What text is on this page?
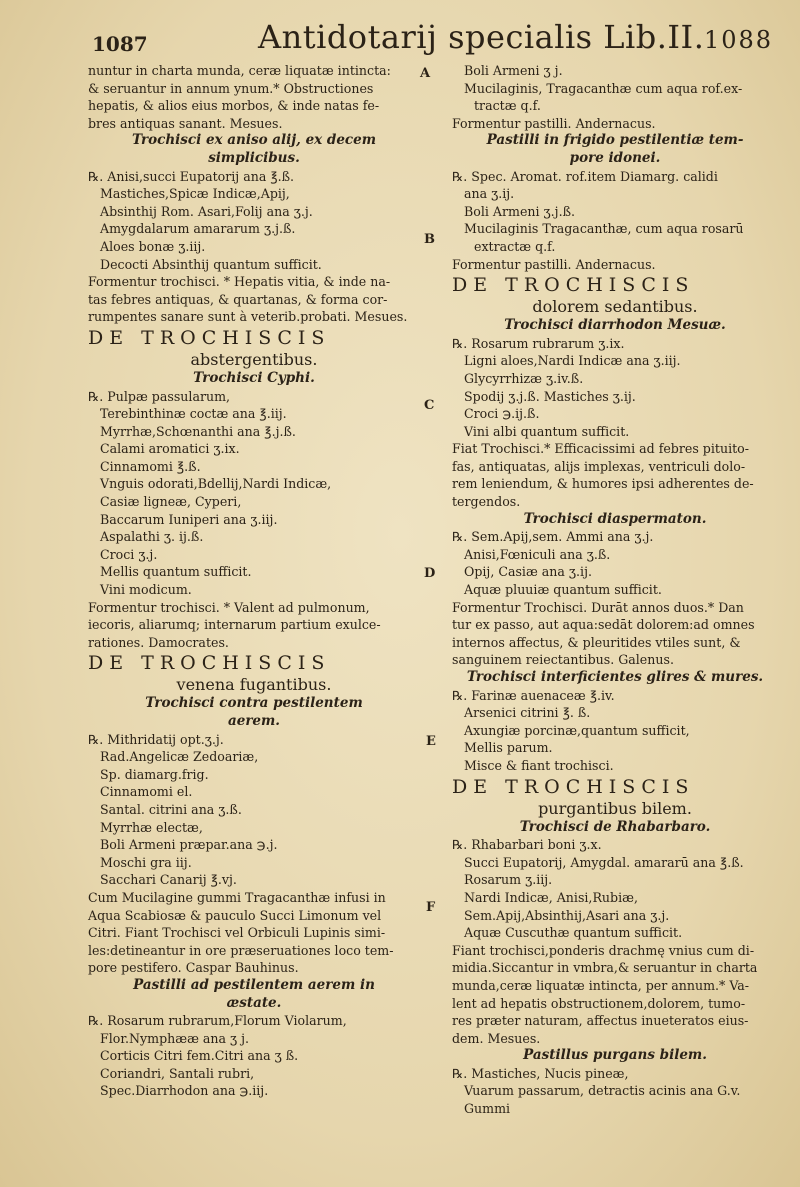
1087	Antidotarij specialis Lib.II. 1088
nuntur in charta munda, ceræ liquatæ intincta:
& seruantur in annum ynum.* Obstructiones
hepatis, & alios eius morbos, & inde natas fe-
bres antiquas sanant. Mesues.
Trochisci ex aniso alij, ex decem
simplicibus.
℞. Anisi,succi Eupatorij ana ℥.ß.
Mastiches,Spicæ Indicæ,Apij,
Absinthij Rom. Asari,Folij ana ʒ.j.
Amygdalarum amararum ʒ.j.ß.
Aloes bonæ ʒ.iij.
Decocti Absinthij quantum sufficit.
Formentur trochisci. * Hepatis vitia, & inde na-
tas febres antiquas, & quartanas, & forma cor-
rumpentes sanare sunt à veterib.probati. Mesues.
DE TROCHISCIS
abstergentibus.
Trochisci Cyphi.
℞. Pulpæ passularum,
Terebinthinæ coctæ ana ℥.iij.
Myrrhæ,Schœnanthi ana ℥.j.ß.
Calami aromatici ʒ.ix.
Cinnamomi ℥.ß.
Vnguis odorati,Bdellij,Nardi Indicæ,
Casiæ ligneæ, Cyperi,
Baccarum Iuniperi ana ʒ.iij.
Aspalathi ʒ. ij.ß.
Croci ʒ.j.
Mellis quantum sufficit.
Vini modicum.
Formentur trochisci. * Valent ad pulmonum,
iecoris, aliarumq; internarum partium exulce-
rationes. Damocrates.
DE TROCHISCIS
venena fugantibus.
Trochisci contra pestilentem
aerem.
℞. Mithridatij opt.ʒ.j.
Rad.Angelicæ Zedoariæ,
Sp. diamarg.frig.
Cinnamomi el.
Santal. citrini ana ʒ.ß.
Myrrhæ electæ,
Boli Armeni præpar.ana ℈.j.
Moschi gra iij.
Sacchari Canarij ℥.vj.
Cum Mucilagine gummi Tragacanthæ infusi in
Aqua Scabiosæ & pauculo Succi Limonum vel
Citri. Fiant Trochisci vel Orbiculi Lupinis simi-
les:detineantur in ore præseruationes loco tem-
pore pestifero. Caspar Bauhinus.
Pastilli ad pestilentem aerem in
æstate.
℞. Rosarum rubrarum,Florum Violarum,
Flor.Nymphææ ana ʒ j.
Corticis Citri fem.Citri ana ʒ ß.
Coriandri, Santali rubri,
Spec.Diarrhodon ana ℈.iij.
Boli Armeni ʒ j.
Mucilaginis, Tragacanthæ cum aqua rof.ex-
tractæ q.f.
Formentur pastilli. Andernacus.
Pastilli in frigido pestilentiæ tem-
pore idonei.
℞. Spec. Aromat. rof.item Diamarg. calidi
ana ʒ.ij.
Boli Armeni ʒ.j.ß.
Mucilaginis Tragacanthæ, cum aqua rosarū
extractæ q.f.
Formentur pastilli. Andernacus.
DE TROCHISCIS
dolorem sedantibus.
Trochisci diarrhodon Mesuæ.
℞. Rosarum rubrarum ʒ.ix.
Ligni aloes,Nardi Indicæ ana ʒ.iij.
Glycyrrhizæ ʒ.iv.ß.
Spodij ʒ.j.ß. Mastiches ʒ.ij.
Croci ℈.ij.ß.
Vini albi quantum sufficit.
Fiat Trochisci.* Efficacissimi ad febres pituito-
fas, antiquatas, alijs implexas, ventriculi dolo-
rem leniendum, & humores ipsi adherentes de-
tergendos.
Trochisci diaspermaton.
℞. Sem.Apij,sem. Ammi ana ʒ.j.
Anisi,Fœniculi ana ʒ.ß.
Opij, Casiæ ana ʒ.ij.
Aquæ pluuiæ quantum sufficit.
Formentur Trochisci. Durāt annos duos.* Dan
tur ex passo, aut aqua:sedāt dolorem:ad omnes
internos affectus, & pleuritides vtiles sunt, &
sanguinem reiectantibus. Galenus.
Trochisci interficientes glires & mures.
℞. Farinæ auenaceæ ℥.iv.
Arsenici citrini ℥. ß.
Axungiæ porcinæ,quantum sufficit,
Mellis parum.
Misce & fiant trochisci.
DE TROCHISCIS
purgantibus bilem.
Trochisci de Rhabarbaro.
℞. Rhabarbari boni ʒ.x.
Succi Eupatorij, Amygdal. amararū ana ℥.ß.
Rosarum ʒ.iij.
Nardi Indicæ, Anisi,Rubiæ,
Sem.Apij,Absinthij,Asari ana ʒ.j.
Aquæ Cuscuthæ quantum sufficit.
Fiant trochisci,ponderis drachmę vnius cum di-
midia.Siccantur in vmbra,& seruantur in charta
munda,ceræ liquatæ intincta, per annum.* Va-
lent ad hepatis obstructionem,dolorem, tumo-
res præter naturam, affectus inueteratos eius-
dem. Mesues.
Pastillus purgans bilem.
℞. Mastiches, Nucis pineæ,
Vuarum passarum, detractis acinis ana G.v.
Gummi
A
B
C
D
E
F
